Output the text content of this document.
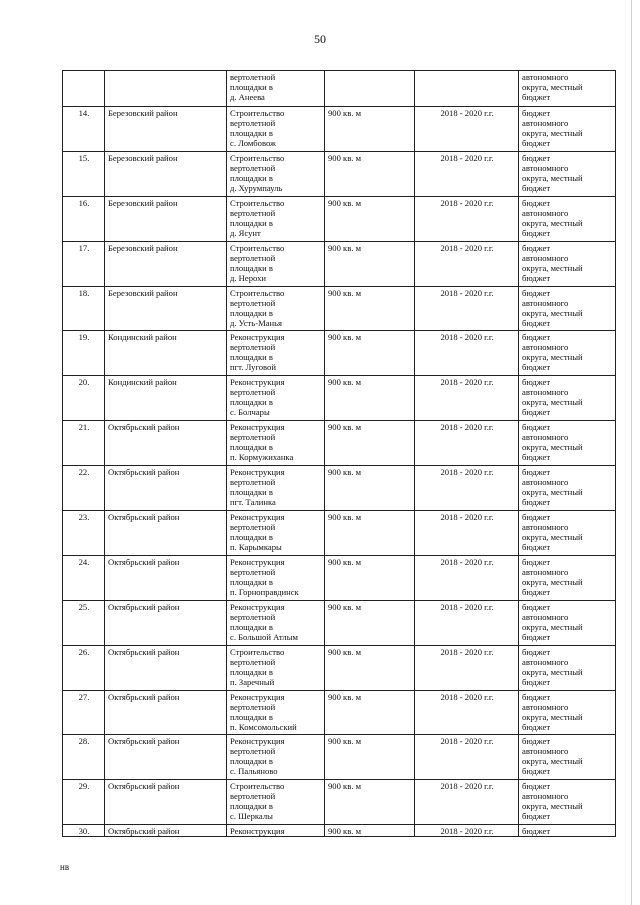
50
		вертолетной
площадки в
д. Анеева			автономного
округа, местный
бюджет
14.	Березовский район	Строительство
вертолетной
площадки в
с. Ломбовож	900 кв. м	2018 - 2020 г.г.	бюджет
автономного
округа, местный
бюджет
15.	Березовский район	Строительство
вертолетной
площадки в
д. Хурумпауль	900 кв. м	2018 - 2020 г.г.	бюджет
автономного
округа, местный
бюджет
16.	Березовский район	Строительство
вертолетной
площадки в
д. Ясунт	900 кв. м	2018 - 2020 г.г.	бюджет
автономного
округа, местный
бюджет
17.	Березовский район	Строительство
вертолетной
площадки в
д. Нерохи	900 кв. м	2018 - 2020 г.г.	бюджет
автономного
округа, местный
бюджет
18.	Березовский район	Строительство
вертолетной
площадки в
д. Усть-Манья	900 кв. м	2018 - 2020 г.г.	бюджет
автономного
округа, местный
бюджет
19.	Кондинский район	Реконструкция
вертолетной
площадки в
пгт. Луговой	900 кв. м	2018 - 2020 г.г.	бюджет
автономного
округа, местный
бюджет
20.	Кондинский район	Реконструкция
вертолетной
площадки в
с. Болчары	900 кв. м	2018 - 2020 г.г.	бюджет
автономного
округа, местный
бюджет
21.	Октябрьский район	Реконструкция
вертолетной
площадки в
п. Кормужиханка	900 кв. м	2018 - 2020 г.г.	бюджет
автономного
округа, местный
бюджет
22.	Октябрьский район	Реконструкция
вертолетной
площадки в
пгт. Талинка	900 кв. м	2018 - 2020 г.г.	бюджет
автономного
округа, местный
бюджет
23.	Октябрьский район	Реконструкция
вертолетной
площадки в
п. Карымкары	900 кв. м	2018 - 2020 г.г.	бюджет
автономного
округа, местный
бюджет
24.	Октябрьский район	Реконструкция
вертолетной
площадки в
п. Горноправдинск	900 кв. м	2018 - 2020 г.г.	бюджет
автономного
округа, местный
бюджет
25.	Октябрьский район	Реконструкция
вертолетной
площадки в
с. Большой Атлым	900 кв. м	2018 - 2020 г.г.	бюджет
автономного
округа, местный
бюджет
26.	Октябрьский район	Строительство
вертолетной
площадки в
п. Заречный	900 кв. м	2018 - 2020 г.г.	бюджет
автономного
округа, местный
бюджет
27.	Октябрьский район	Реконструкция
вертолетной
площадки в
п. Комсомольский	900 кв. м	2018 - 2020 г.г.	бюджет
автономного
округа, местный
бюджет
28.	Октябрьский район	Реконструкция
вертолетной
площадки в
с. Пальяново	900 кв. м	2018 - 2020 г.г.	бюджет
автономного
округа, местный
бюджет
29.	Октябрьский район	Строительство
вертолетной
площадки в
с. Шеркалы	900 кв. м	2018 - 2020 г.г.	бюджет
автономного
округа, местный
бюджет
30.	Октябрьский район	Реконструкция	900 кв. м	2018 - 2020 г.г.	бюджет
нв
